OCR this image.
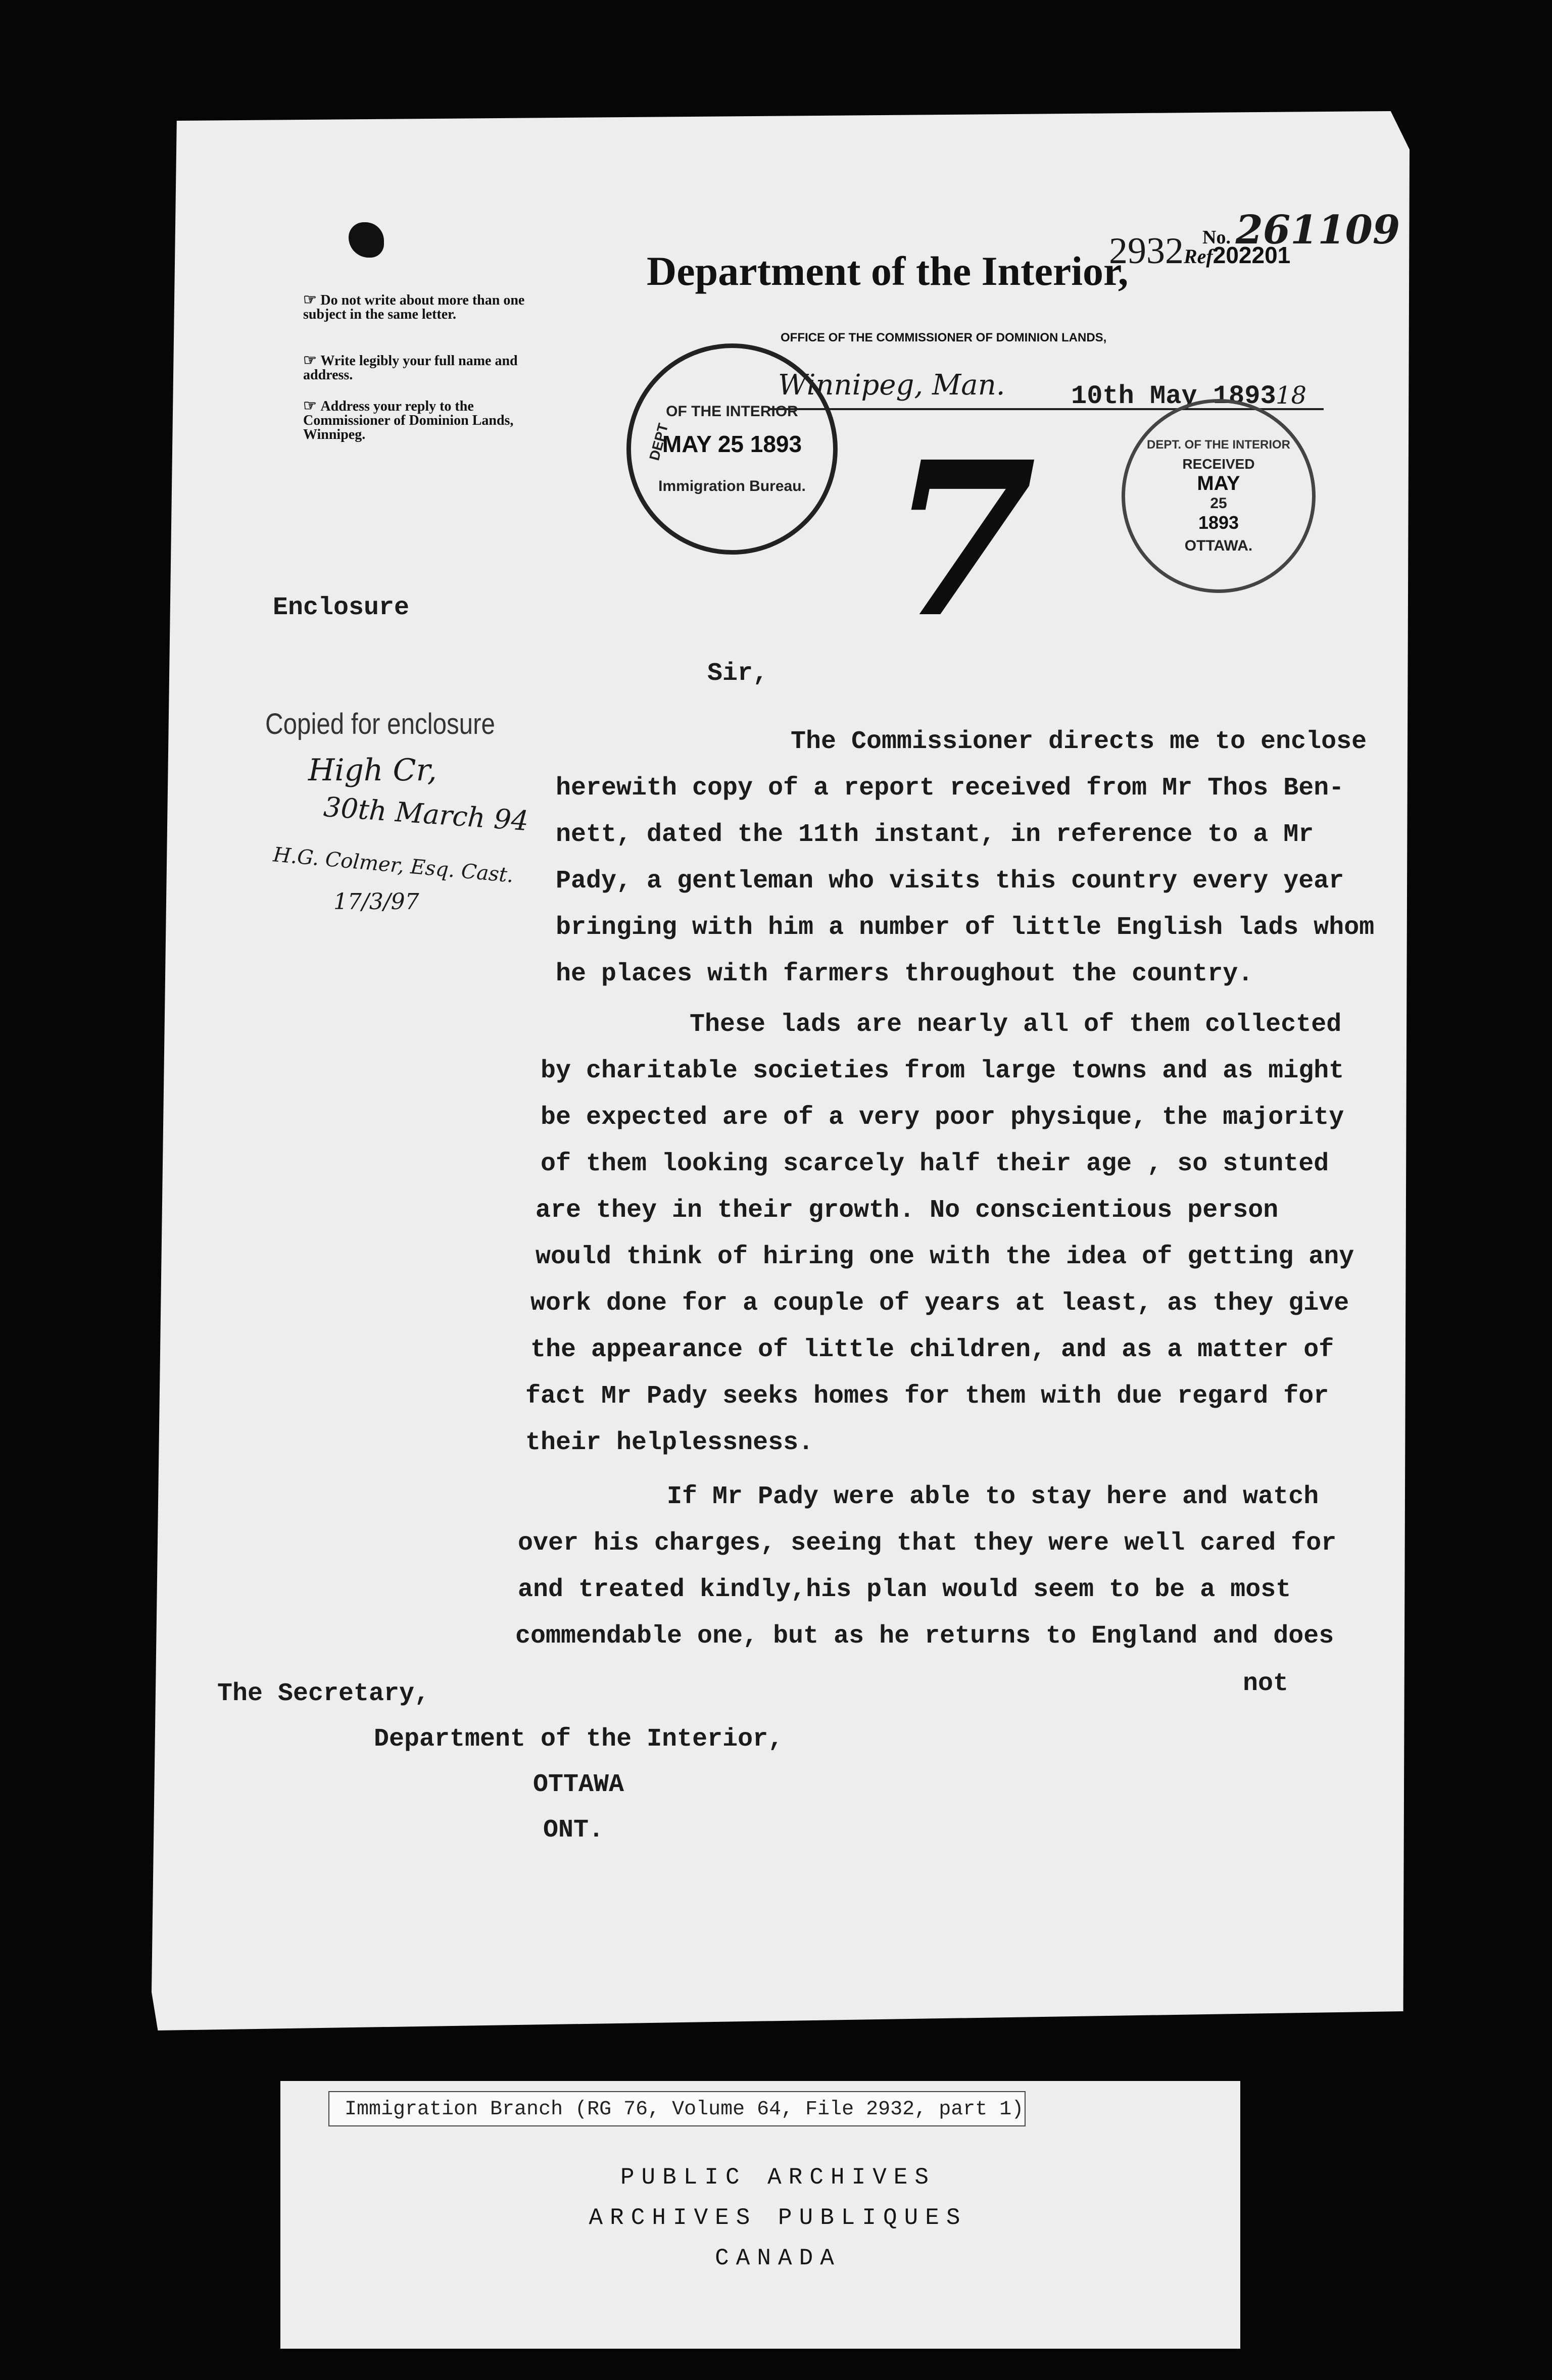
Department of the Interior,
OFFICE OF THE COMMISSIONER OF DOMINION LANDS,
No. 261109
2932Ref202201
☞ Do not write about more than one subject in the same letter.
☞ Write legibly your full name and address.
☞ Address your reply to the Commissioner of Dominion Lands, Winnipeg.
Winnipeg, Man.	10th May 1893 18
OF THE INTERIOR
DEPT
MAY 25 1893
Immigration Bureau.
DEPT. OF THE INTERIOR
RECEIVED
MAY
25
1893
OTTAWA.
7
Enclosure
Copied for enclosure
High Cr,
30th March 94
H.G. Colmer, Esq. Cast.
17/3/97
Sir,
The Commissioner directs me to enclose
herewith copy of a report received from Mr Thos Ben-
nett, dated the 11th instant, in reference to a Mr
Pady, a gentleman who visits this country every year
bringing with him a number of little English lads whom
he places with farmers throughout the country.
These lads are nearly all of them collected
by charitable societies from large towns and as might
be expected are of a very poor physique, the majority
of them looking scarcely half their age , so stunted
are they in their growth. No conscientious person
would think of hiring one with the idea of getting any
work done for a couple of years at least, as they give
the appearance of little children, and as a matter of
fact Mr Pady seeks homes for them with due regard for
their helplessness.
If Mr Pady were able to stay here and watch
over his charges, seeing that they were well cared for
and treated kindly,his plan would seem to be a most
commendable one, but as he returns to England and does
not
The Secretary,
Department of the Interior,
OTTAWA
ONT.
Immigration Branch (RG 76, Volume 64, File 2932, part 1)
PUBLIC ARCHIVES
ARCHIVES PUBLIQUES
CANADA
